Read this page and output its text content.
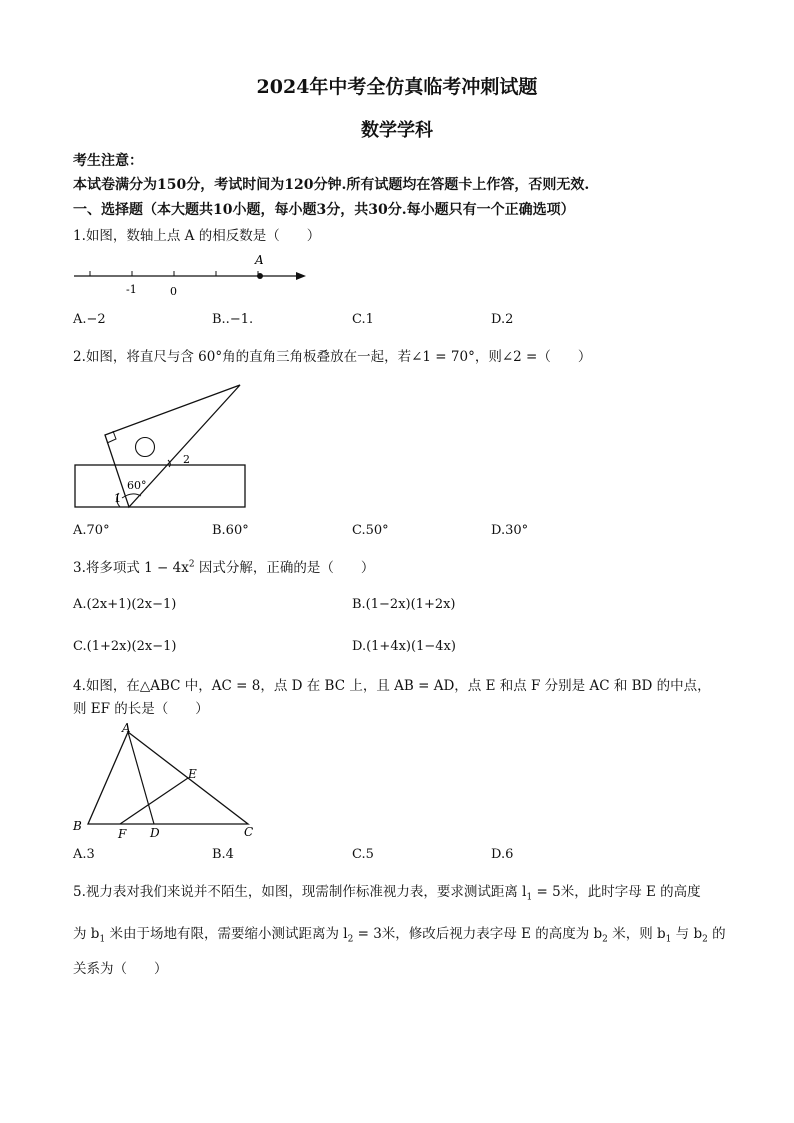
2024年中考全仿真临考冲刺试题
数学学科
考生注意：
本试卷满分为150分，考试时间为120分钟.所有试题均在答题卡上作答，否则无效.
一、选择题（本大题共10小题，每小题3分，共30分.每小题只有一个正确选项）
1.如图，数轴上点 A 的相反数是（　　）
A
-1	0
A.−2	B..−1.	C.1	D.2
2.如图，将直尺与含 60°角的直角三角板叠放在一起，若∠1 = 70°，则∠2 =（　　）
60°
1
2
A.70°	B.60°	C.50°	D.30°
3.将多项式 $1 - 4x^2$ 因式分解，正确的是（　　）
A.(2x+1)(2x−1)	B.(1−2x)(1+2x)
C.(1+2x)(2x−1)	D.(1+4x)(1−4x)
4.如图，在△ABC 中，AC = 8，点 D 在 BC 上，且 AB = AD，点 E 和点 F 分别是 AC 和 BD 的中点，
则 EF 的长是（　　）
A
B	C
D
E
F
A.3	B.4	C.5	D.6
5.视力表对我们来说并不陌生，如图，现需制作标准视力表，要求测试距离 $l_1 = 5$米，此时字母 E 的高度
为 $b_1$ 米由于场地有限，需要缩小测试距离为 $l_2 = 3$米，修改后视力表字母 E 的高度为 $b_2$ 米，则 $b_1$ 与 $b_2$ 的
关系为（　　）
